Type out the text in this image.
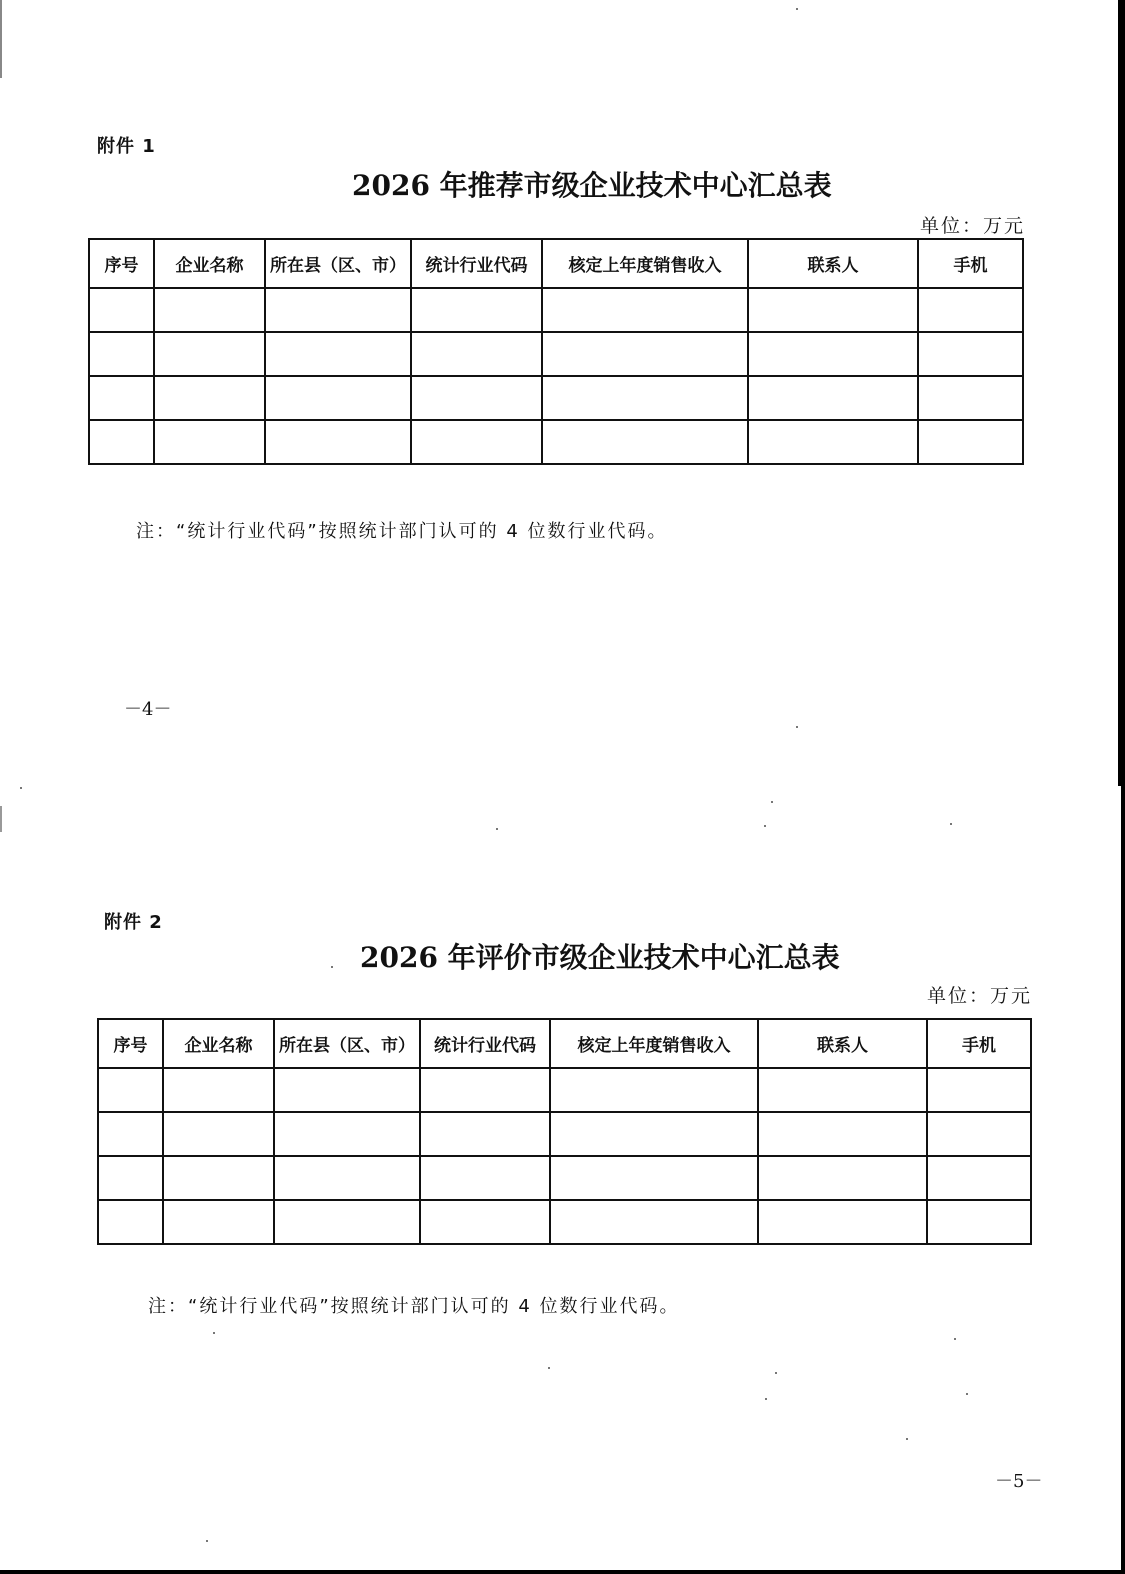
附件 1
2026 年推荐市级企业技术中心汇总表
单位：万元
序号	企业名称	所在县（区、市）	统计行业代码	核定上年度销售收入	联系人	手机

注：“统计行业代码”按照统计部门认可的 4 位数行业代码。
－4－
附件 2
2026 年评价市级企业技术中心汇总表
单位：万元
序号	企业名称	所在县（区、市）	统计行业代码	核定上年度销售收入	联系人	手机

注：“统计行业代码”按照统计部门认可的 4 位数行业代码。
－5－
